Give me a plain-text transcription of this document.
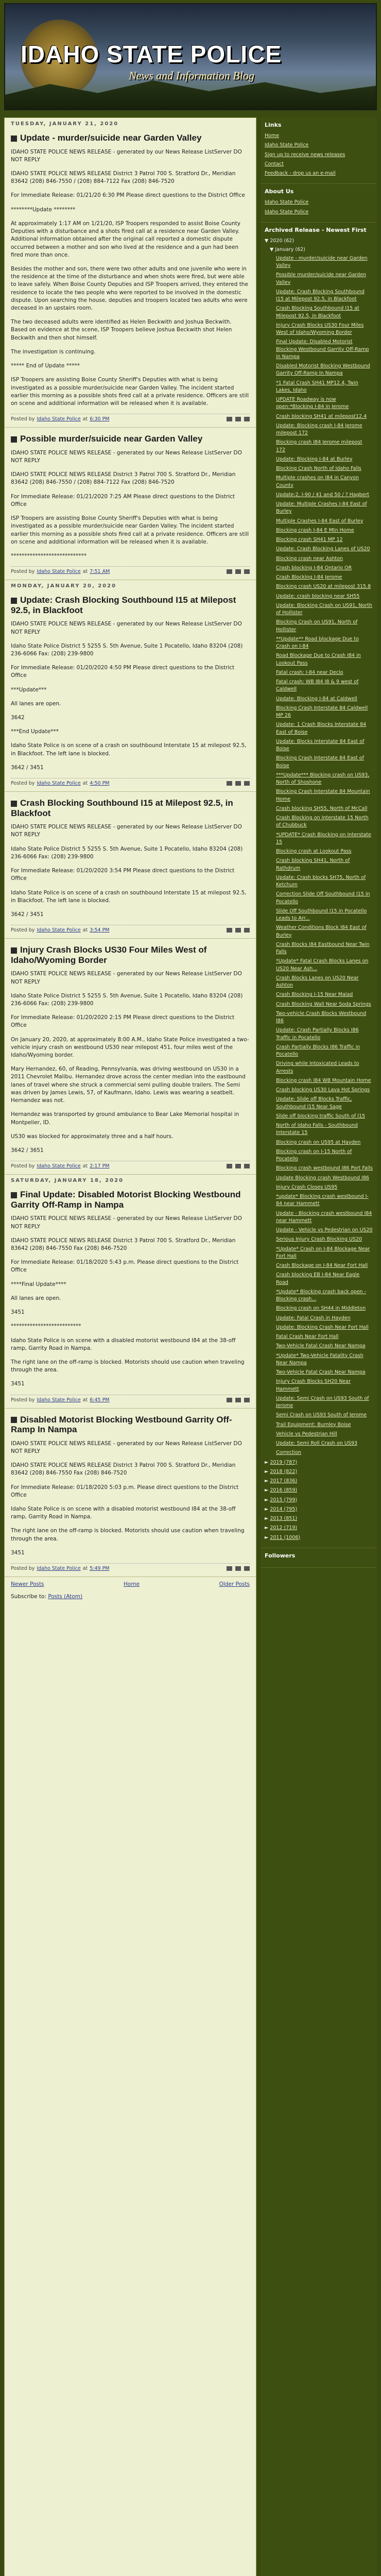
IDAHO STATE POLICE
News and Information Blog
TUESDAY, JANUARY 21, 2020
Update - murder/suicide near Garden Valley

IDAHO STATE POLICE NEWS RELEASE - generated by our News Release ListServer DO NOT REPLY

IDAHO STATE POLICE NEWS RELEASE District 3 Patrol 700 S. Stratford Dr., Meridian 83642 (208) 846-7550 / (208) 884-7122 Fax (208) 846-7520

For Immediate Release: 01/21/20 6:30 PM Please direct questions to the District Office

********Update ********

At approximately 1:17 AM on 1/21/20, ISP Troopers responded to assist Boise County Deputies with a disturbance and a shots fired call at a residence near Garden Valley. Additional information obtained after the original call reported a domestic dispute occurred between a mother and son who lived at the residence and a gun had been fired more than once.

Besides the mother and son, there were two other adults and one juvenile who were in the residence at the time of the disturbance and when shots were fired, but were able to leave safely. When Boise County Deputies and ISP Troopers arrived, they entered the residence to locate the two people who were reported to be involved in the domestic dispute. Upon searching the house, deputies and troopers located two adults who were deceased in an upstairs room.

The two deceased adults were identified as Helen Beckwith and Joshua Beckwith. Based on evidence at the scene, ISP Troopers believe Joshua Beckwith shot Helen Beckwith and then shot himself.

The investigation is continuing.

***** End of Update *****

ISP Troopers are assisting Boise County Sheriff's Deputies with what is being investigated as a possible murder/suicide near Garden Valley. The incident started earlier this morning as a possible shots fired call at a private residence. Officers are still on scene and additional information will be released when it is available.

Posted by Idaho State Police at 6:30 PM
Possible murder/suicide near Garden Valley

IDAHO STATE POLICE NEWS RELEASE - generated by our News Release ListServer DO NOT REPLY

IDAHO STATE POLICE NEWS RELEASE District 3 Patrol 700 S. Stratford Dr., Meridian 83642 (208) 846-7550 / (208) 884-7122 Fax (208) 846-7520

For Immediate Release: 01/21/2020 7:25 AM Please direct questions to the District Office

ISP Troopers are assisting Boise County Sheriff's Deputies with what is being investigated as a possible murder/suicide near Garden Valley. The incident started earlier this morning as a possible shots fired call at a private residence. Officers are still on scene and additional information will be released when it is available.

****************************

Posted by Idaho State Police at 7:51 AM
MONDAY, JANUARY 20, 2020
Update: Crash Blocking Southbound I15 at Milepost 92.5, in Blackfoot

IDAHO STATE POLICE NEWS RELEASE - generated by our News Release ListServer DO NOT REPLY

Idaho State Police District 5 5255 S. 5th Avenue, Suite 1 Pocatello, Idaho 83204 (208) 236-6066 Fax: (208) 239-9800

For Immediate Release: 01/20/2020 4:50 PM Please direct questions to the District Office

***Update***

All lanes are open.

3642

***End Update***

Idaho State Police is on scene of a crash on southbound Interstate 15 at milepost 92.5, in Blackfoot. The left lane is blocked.

3642 / 3451

Posted by Idaho State Police at 4:50 PM
Crash Blocking Southbound I15 at Milepost 92.5, in Blackfoot

IDAHO STATE POLICE NEWS RELEASE - generated by our News Release ListServer DO NOT REPLY

Idaho State Police District 5 5255 S. 5th Avenue, Suite 1 Pocatello, Idaho 83204 (208) 236-6066 Fax: (208) 239-9800

For Immediate Release: 01/20/2020 3:54 PM Please direct questions to the District Office

Idaho State Police is on scene of a crash on southbound Interstate 15 at milepost 92.5, in Blackfoot. The left lane is blocked.

3642 / 3451

Posted by Idaho State Police at 3:54 PM
Injury Crash Blocks US30 Four Miles West of Idaho/Wyoming Border

IDAHO STATE POLICE NEWS RELEASE - generated by our News Release ListServer DO NOT REPLY

Idaho State Police District 5 5255 S. 5th Avenue, Suite 1 Pocatello, Idaho 83204 (208) 236-6066 Fax: (208) 239-9800

For Immediate Release: 01/20/2020 2:15 PM Please direct questions to the District Office

On January 20, 2020, at approximately 8:00 A.M., Idaho State Police investigated a two-vehicle injury crash on westbound US30 near milepost 451, four miles west of the Idaho/Wyoming border.

Mary Hernandez, 60, of Reading, Pennsylvania, was driving westbound on US30 in a 2011 Chevrolet Malibu. Hernandez drove across the center median into the eastbound lanes of travel where she struck a commercial semi pulling double trailers. The Semi was driven by James Lewis, 57, of Kaufmann, Idaho. Lewis was wearing a seatbelt. Hernandez was not.

Hernandez was transported by ground ambulance to Bear Lake Memorial hospital in Montpelier, ID.

US30 was blocked for approximately three and a half hours.

3642 / 3651

Posted by Idaho State Police at 2:17 PM
SATURDAY, JANUARY 18, 2020
Final Update: Disabled Motorist Blocking Westbound Garrity Off-Ramp in Nampa

IDAHO STATE POLICE NEWS RELEASE - generated by our News Release ListServer DO NOT REPLY

IDAHO STATE POLICE NEWS RELEASE District 3 Patrol 700 S. Stratford Dr., Meridian 83642 (208) 846-7550 Fax (208) 846-7520

For Immediate Release: 01/18/2020 5:43 p.m. Please direct questions to the District Office

****Final Update****

All lanes are open.

3451

**************************

Idaho State Police is on scene with a disabled motorist westbound I84 at the 38-off ramp, Garrity Road in Nampa.

The right lane on the off-ramp is blocked. Motorists should use caution when traveling through the area.

3451

Posted by Idaho State Police at 6:45 PM
Disabled Motorist Blocking Westbound Garrity Off-Ramp In Nampa

IDAHO STATE POLICE NEWS RELEASE - generated by our News Release ListServer DO NOT REPLY

IDAHO STATE POLICE NEWS RELEASE District 3 Patrol 700 S. Stratford Dr., Meridian 83642 (208) 846-7550 Fax (208) 846-7520

For Immediate Release: 01/18/2020 5:03 p.m. Please direct questions to the District Office

Idaho State Police is on scene with a disabled motorist westbound I84 at the 38-off ramp, Garrity Road in Nampa.

The right lane on the off-ramp is blocked. Motorists should use caution when traveling through the area.

3451

Posted by Idaho State Police at 5:49 PM
Newer Posts	Home	Older Posts
Subscribe to: Posts (Atom)
Links
Home
Idaho State Police
Sign up to receive news releases
Contact
Feedback - drop us an e-mail
About Us
Idaho State Police
Idaho State Police
Archived Release - Newest First
▼ 2020 (62)
▼ January (62)
Update - murder/suicide near Garden Valley
Possible murder/suicide near Garden Valley
Update: Crash Blocking Southbound I15 at Milepost 92.5, in Blackfoot
Crash Blocking Southbound I15 at Milepost 92.5, in Blackfoot
Injury Crash Blocks US30 Four Miles West of Idaho/Wyoming Border
Final Update: Disabled Motorist Blocking Westbound Garrity Off-Ramp in Nampa
Disabled Motorist Blocking Westbound Garrity Off-Ramp In Nampa
*1 Fatal Crash SH41 MP12.4, Twin Lakes, Idaho
UPDATE Roadway is now open:*Blocking I-84 in Jerome
Crash blocking SH41 at milepost12.4
Update: Blocking crash I-84 Jerome milepost 172
Blocking crash I84 Jerome milepost 172
Update: Blocking I-84 at Burley
Blocking Crash North of Idaho Falls
Multiple crashes on I84 in Canyon County
Update:2, I-90 / 41 and 50 / ? Hagbert
Update: Multiple Crashes I-84 East of Burley
Multiple Crashes I-84 East of Burley
Blocking crash I-84 E Mtn Home
Blocking crash SH41 MP 12
Update: Crash Blocking Lanes of US20
Blocking crash near Ashton
Crash blocking I-84 Ontario OR
Crash Blocking I-84 Jerome
Blocking crash US20 at milepost 315.8
Update: crash blocking near SH55
Update: Blocking Crash on US91, North of Hollister
Blocking Crash on US91, North of Hollister
**Update** Road blockage Due to Crash on I-84
Road Blockage Due to Crash I84 in Lookout Pass
Fatal crash: I-84 near Declo
Fatal crash: WB I84 I8 & 9 west of Caldwell
Update: Blocking I-84 at Caldwell
Blocking Crash Interstate 84 Caldwell MP 26
Update: 1 Crash Blocks Interstate 84 East of Boise
Update: Blocks Interstate 84 East of Boise
Blocking Crash Interstate 84 East of Boise
***Update*** Blocking crash on US93, North of Shoshone
Blocking Crash Interstate 84 Mountain Home
Crash blocking SH55, North of McCall
Crash Blocking on Interstate 15 North of Chubbuck
*UPDATE* Crash Blocking on Interstate 15
Blocking crash at Lookout Pass
Crash blocking SH41, North of Rathdrum
Update: Crash blocks SH75, North of Ketchum
Correction Slide Off Southbound I15 in Pocatello
Slide Off Southbound I15 in Pocatello Leads to Arr...
Weather Conditions Block I84 East of Burley
Crash Blocks I84 Eastbound Near Twin Falls
*Update* Fatal Crash Blocks Lanes on US20 Near Ash...
Crash Blocks Lanes on US20 Near Ashton
Crash Blocking I-15 Near Malad
Crash Blocking Wall Near Soda Springs
Two-vehicle Crash Blocks Westbound I86
Update: Crash Partially Blocks I86 Traffic in Pocatello
Crash Partially Blocks I86 Traffic in Pocatello
Driving while Intoxicated Leads to Arrests
Blocking crash I84 WB Mountain Home
Crash blocking US30 Lava Hot Springs
Update: Slide off Blocks Traffic, Southbound I15 Near Sage
Slide off blocking traffic South of I15
North of Idaho Falls - Southbound Interstate 15
Blocking crash on US95 at Hayden
Blocking crash on I-15 North of Pocatello
Blocking crash westbound I86 Port Falls
Update Blocking crash Westbound I86
Injury Crash Closes US95
*update* Blocking crash westbound I-84 near Hammett
Update - Blocking crash westbound I84 near Hammett
Update - Vehicle vs Pedestrian on US20
Serious Injury Crash Blocking US20
*Update* Crash on I-84 Blockage Near Fort Hall
Crash Blockage on I-84 Near Fort Hall
Crash blocking EB I-84 Near Eagle Road
*Update* Blocking crash back open - Blocking crash...
Blocking crash on SH44 in Middleton
Update: Fatal Crash in Hayden
Update: Blocking Crash Near Fort Hall
Fatal Crash Near Fort Hall
Two-Vehicle Fatal Crash Near Nampa
*Update* Two-Vehicle Fatality Crash Near Nampa
Two-Vehicle Fatal Crash Near Nampa
Injury Crash Blocks SH20 Near Hammett
Update: Semi Crash on US93 South of Jerome
Semi Crash on US93 South of Jerome
Trail Equipment: Burnley Boise
Vehicle vs Pedestrian Hill
Update: Semi Roll Crash on US93
Correction
► 2019 (787)
► 2018 (822)
► 2017 (836)
► 2016 (859)
► 2015 (799)
► 2014 (795)
► 2013 (851)
► 2012 (719)
► 2011 (1006)
Followers
